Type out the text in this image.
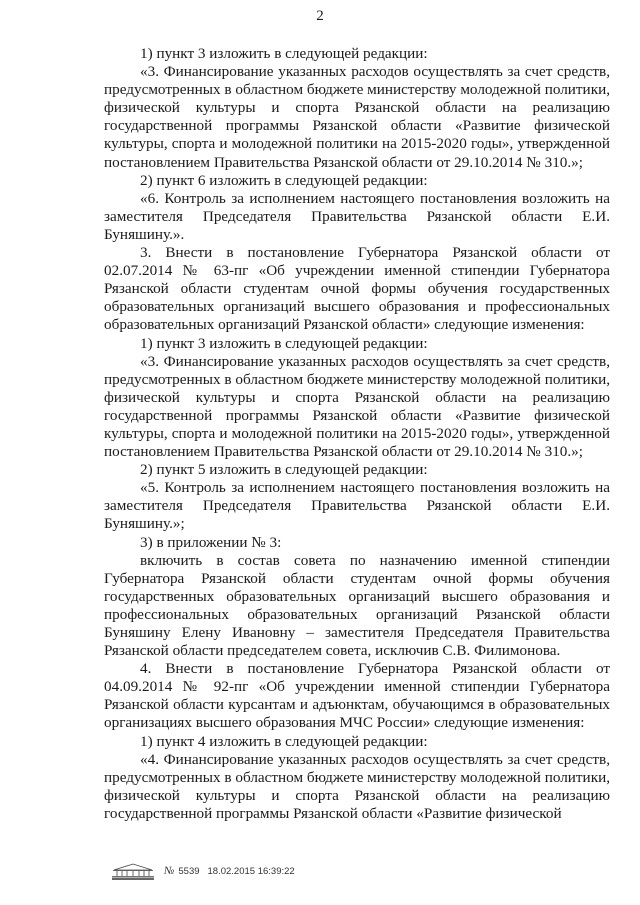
2

1) пункт 3 изложить в следующей редакции:

«3. Финансирование указанных расходов осуществлять за счет средств, предусмотренных в областном бюджете министерству молодежной политики, физической культуры и спорта Рязанской области на реализацию государственной программы Рязанской области «Развитие физической культуры, спорта и молодежной политики на 2015-2020 годы», утвержденной постановлением Правительства Рязанской области от 29.10.2014 № 310.»;

2) пункт 6 изложить в следующей редакции:

«6. Контроль за исполнением настоящего постановления возложить на заместителя Председателя Правительства Рязанской области Е.И. Буняшину.».

3. Внести в постановление Губернатора Рязанской области от 02.07.2014 № 63-пг «Об учреждении именной стипендии Губернатора Рязанской области студентам очной формы обучения государственных образовательных организаций высшего образования и профессиональных образовательных организаций Рязанской области» следующие изменения:

1) пункт 3 изложить в следующей редакции:

«3. Финансирование указанных расходов осуществлять за счет средств, предусмотренных в областном бюджете министерству молодежной политики, физической культуры и спорта Рязанской области на реализацию государственной программы Рязанской области «Развитие физической культуры, спорта и молодежной политики на 2015-2020 годы», утвержденной постановлением Правительства Рязанской области от 29.10.2014 № 310.»;

2) пункт 5 изложить в следующей редакции:

«5. Контроль за исполнением настоящего постановления возложить на заместителя Председателя Правительства Рязанской области Е.И. Буняшину.»;

3) в приложении № 3:

включить в состав совета по назначению именной стипендии Губернатора Рязанской области студентам очной формы обучения государственных образовательных организаций высшего образования и профессиональных образовательных организаций Рязанской области Буняшину Елену Ивановну – заместителя Председателя Правительства Рязанской области председателем совета, исключив С.В. Филимонова.

4. Внести в постановление Губернатора Рязанской области от 04.09.2014 № 92-пг «Об учреждении именной стипендии Губернатора Рязанской области курсантам и адъюнктам, обучающимся в образовательных организациях высшего образования МЧС России» следующие изменения:

1) пункт 4 изложить в следующей редакции:

«4. Финансирование указанных расходов осуществлять за счет средств, предусмотренных в областном бюджете министерству молодежной политики, физической культуры и спорта Рязанской области на реализацию государственной программы Рязанской области «Развитие физической

№ 5539 18.02.2015 16:39:22
